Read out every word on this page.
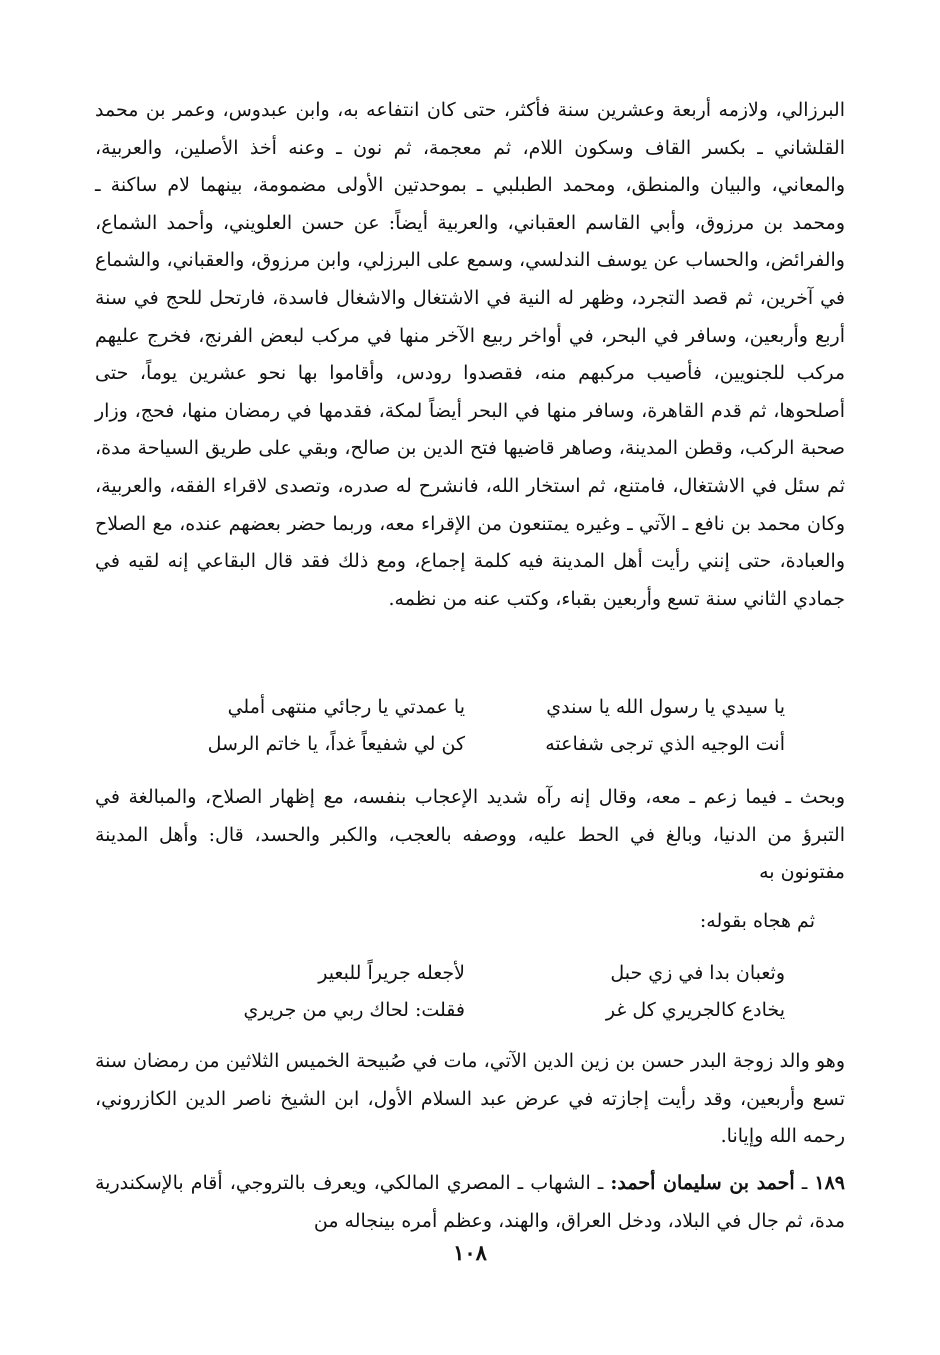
البرزالي، ولازمه أربعة وعشرين سنة فأكثر، حتى كان انتفاعه به، وابن عبدوس، وعمر بن محمد القلشاني ـ بكسر القاف وسكون اللام، ثم معجمة، ثم نون ـ وعنه أخذ الأصلين، والعربية، والمعاني، والبيان والمنطق، ومحمد الطبلبي ـ بموحدتين الأولى مضمومة، بينهما لام ساكنة ـ ومحمد بن مرزوق، وأبي القاسم العقباني، والعربية أيضاً: عن حسن العلويني، وأحمد الشماع، والفرائض، والحساب عن يوسف الندلسي، وسمع على البرزلي، وابن مرزوق، والعقباني، والشماع في آخرين، ثم قصد التجرد، وظهر له النية في الاشتغال والاشغال فاسدة، فارتحل للحج في سنة أربع وأربعين، وسافر في البحر، في أواخر ربيع الآخر منها في مركب لبعض الفرنج، فخرج عليهم مركب للجنويين، فأصيب مركبهم منه، فقصدوا رودس، وأقاموا بها نحو عشرين يوماً، حتى أصلحوها، ثم قدم القاهرة، وسافر منها في البحر أيضاً لمكة، فقدمها في رمضان منها، فحج، وزار صحبة الركب، وقطن المدينة، وصاهر قاضيها فتح الدين بن صالح، وبقي على طريق السياحة مدة، ثم سئل في الاشتغال، فامتنع، ثم استخار الله، فانشرح له صدره، وتصدى لاقراء الفقه، والعربية، وكان محمد بن نافع ـ الآتي ـ وغيره يمتنعون من الإقراء معه، وربما حضر بعضهم عنده، مع الصلاح والعبادة، حتى إنني رأيت أهل المدينة فيه كلمة إجماع، ومع ذلك فقد قال البقاعي إنه لقيه في جمادي الثاني سنة تسع وأربعين بقباء، وكتب عنه من نظمه.

يا سيدي يا رسول الله يا سندي
يا عمدتي يا رجائي منتهى أملي
أنت الوجيه الذي ترجى شفاعته
كن لي شفيعاً غداً، يا خاتم الرسل

وبحث ـ فيما زعم ـ معه، وقال إنه رآه شديد الإعجاب بنفسه، مع إظهار الصلاح، والمبالغة في التبرؤ من الدنيا، وبالغ في الحط عليه، ووصفه بالعجب، والكبر والحسد، قال: وأهل المدينة مفتونون به

ثم هجاه بقوله:
وثعبان بدا في زي حبل
لأجعله جريراً للبعير
يخادع كالجريري كل غر
فقلت: لحاك ربي من جريري

وهو والد زوجة البدر حسن بن زين الدين الآتي، مات في صُبيحة الخميس الثلاثين من رمضان سنة تسع وأربعين، وقد رأيت إجازته في عرض عبد السلام الأول، ابن الشيخ ناصر الدين الكازروني، رحمه الله وإيانا.

١٨٩ ـ أحمد بن سليمان أحمد: ـ الشهاب ـ المصري المالكي، ويعرف بالتروجي، أقام بالإسكندرية مدة، ثم جال في البلاد، ودخل العراق، والهند، وعظم أمره بينجاله من

١٠٨
